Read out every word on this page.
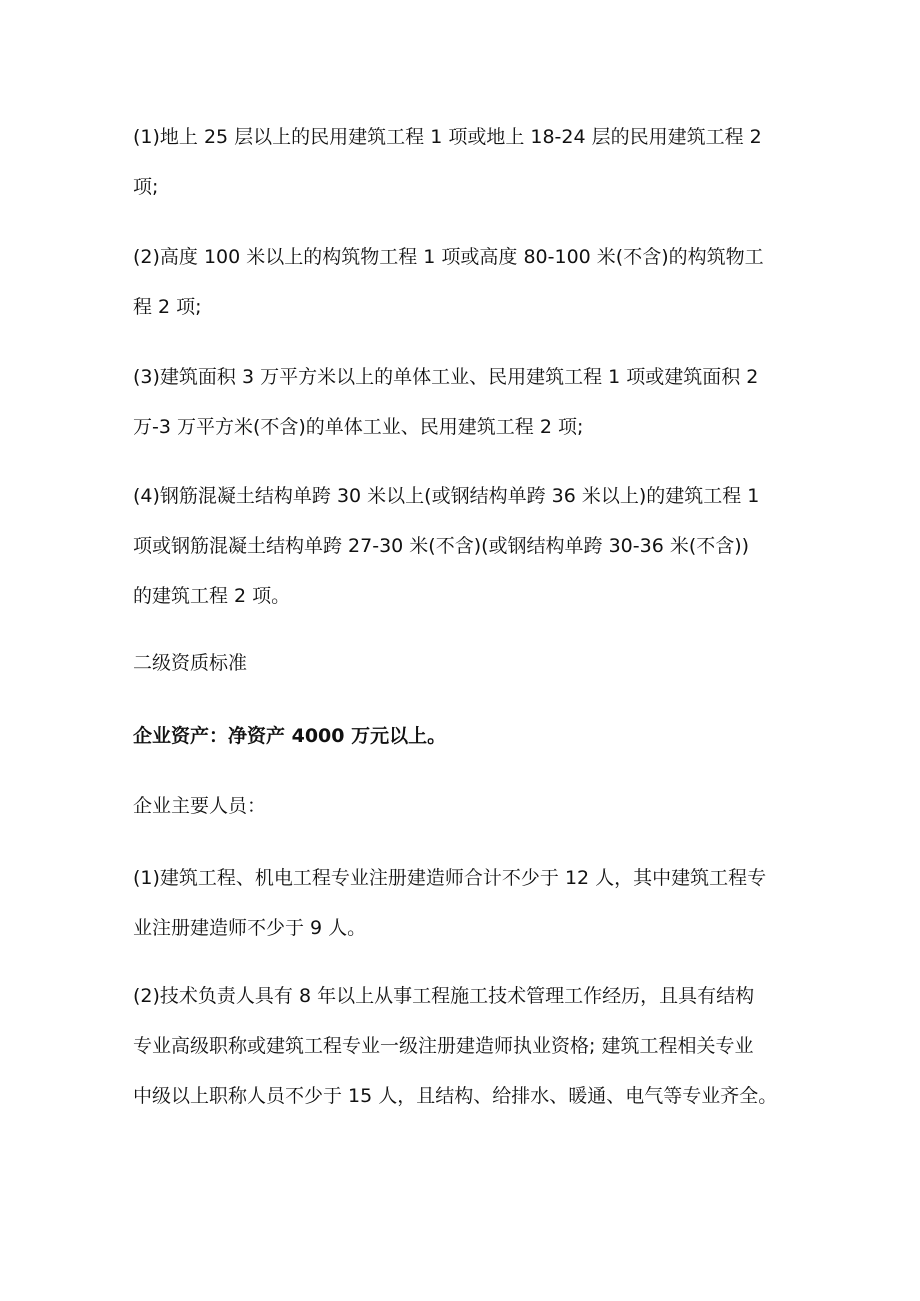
(1)地上 25 层以上的民用建筑工程 1 项或地上 18-24 层的民用建筑工程 2
项;

(2)高度 100 米以上的构筑物工程 1 项或高度 80-100 米(不含)的构筑物工
程 2 项;

(3)建筑面积 3 万平方米以上的单体工业、民用建筑工程 1 项或建筑面积 2
万-3 万平方米(不含)的单体工业、民用建筑工程 2 项;

(4)钢筋混凝土结构单跨 30 米以上(或钢结构单跨 36 米以上)的建筑工程 1
项或钢筋混凝土结构单跨 27-30 米(不含)(或钢结构单跨 30-36 米(不含))
的建筑工程 2 项。

二级资质标准

企业资产：净资产 4000 万元以上。

企业主要人员：

(1)建筑工程、机电工程专业注册建造师合计不少于 12 人，其中建筑工程专
业注册建造师不少于 9 人。

(2)技术负责人具有 8 年以上从事工程施工技术管理工作经历，且具有结构
专业高级职称或建筑工程专业一级注册建造师执业资格; 建筑工程相关专业
中级以上职称人员不少于 15 人，且结构、给排水、暖通、电气等专业齐全。
